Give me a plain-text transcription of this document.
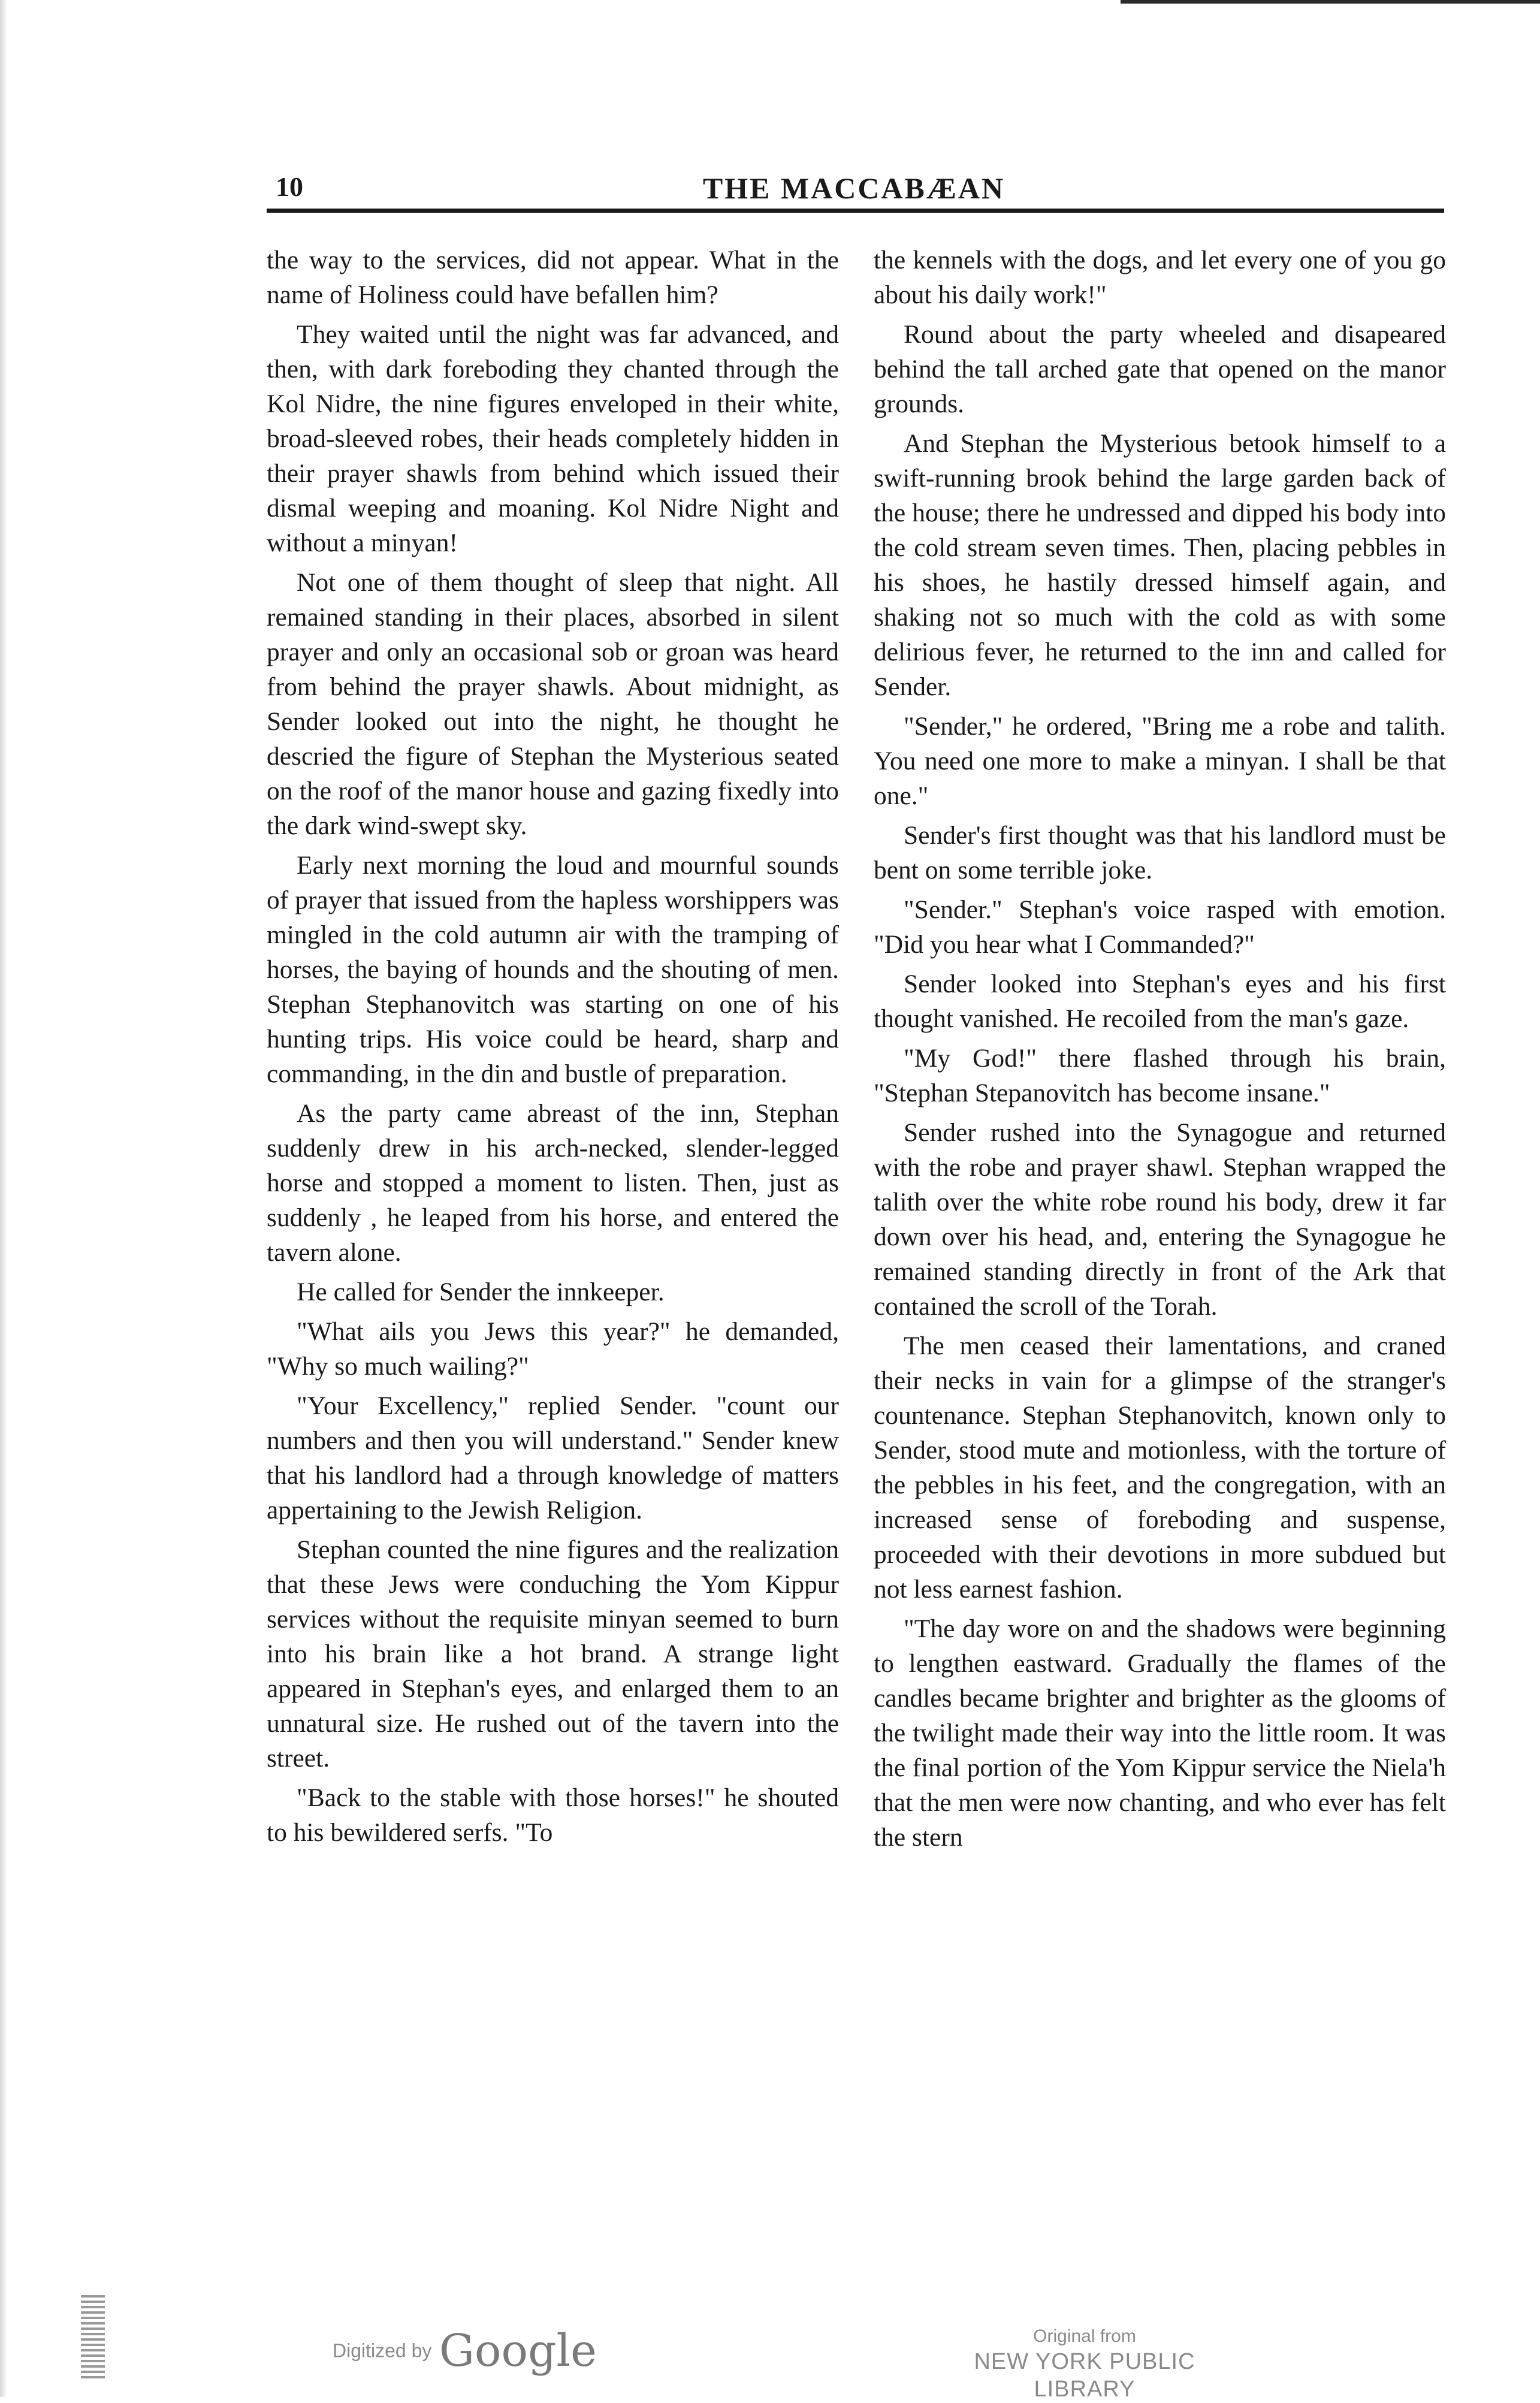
10	THE MACCABÆAN

the way to the services, did not appear. What in the name of Holiness could have befallen him?

They waited until the night was far advanced, and then, with dark foreboding they chanted through the Kol Nidre, the nine figures enveloped in their white, broad-sleeved robes, their heads completely hidden in their prayer shawls from behind which issued their dismal weeping and moaning. Kol Nidre Night and without a minyan!

Not one of them thought of sleep that night. All remained standing in their places, absorbed in silent prayer and only an occasional sob or groan was heard from behind the prayer shawls. About midnight, as Sender looked out into the night, he thought he descried the figure of Stephan the Mysterious seated on the roof of the manor house and gazing fixedly into the dark wind-swept sky.

Early next morning the loud and mournful sounds of prayer that issued from the hapless worshippers was mingled in the cold autumn air with the tramping of horses, the baying of hounds and the shouting of men. Stephan Stephanovitch was starting on one of his hunting trips. His voice could be heard, sharp and commanding, in the din and bustle of preparation.

As the party came abreast of the inn, Stephan suddenly drew in his arch-necked, slender-legged horse and stopped a moment to listen. Then, just as suddenly , he leaped from his horse, and entered the tavern alone.

He called for Sender the innkeeper.

"What ails you Jews this year?" he demanded, "Why so much wailing?"

"Your Excellency," replied Sender. "count our numbers and then you will understand." Sender knew that his landlord had a through knowledge of matters appertaining to the Jewish Religion.

Stephan counted the nine figures and the realization that these Jews were conduching the Yom Kippur services without the requisite minyan seemed to burn into his brain like a hot brand. A strange light appeared in Stephan's eyes, and enlarged them to an unnatural size. He rushed out of the tavern into the street.

"Back to the stable with those horses!" he shouted to his bewildered serfs. "To

the kennels with the dogs, and let every one of you go about his daily work!"

Round about the party wheeled and disapeared behind the tall arched gate that opened on the manor grounds.

And Stephan the Mysterious betook himself to a swift-running brook behind the large garden back of the house; there he undressed and dipped his body into the cold stream seven times. Then, placing pebbles in his shoes, he hastily dressed himself again, and shaking not so much with the cold as with some delirious fever, he returned to the inn and called for Sender.

"Sender," he ordered, "Bring me a robe and talith. You need one more to make a minyan. I shall be that one."

Sender's first thought was that his landlord must be bent on some terrible joke.

"Sender." Stephan's voice rasped with emotion. "Did you hear what I Commanded?"

Sender looked into Stephan's eyes and his first thought vanished. He recoiled from the man's gaze.

"My God!" there flashed through his brain, "Stephan Stepanovitch has become insane."

Sender rushed into the Synagogue and returned with the robe and prayer shawl. Stephan wrapped the talith over the white robe round his body, drew it far down over his head, and, entering the Synagogue he remained standing directly in front of the Ark that contained the scroll of the Torah.

The men ceased their lamentations, and craned their necks in vain for a glimpse of the stranger's countenance. Stephan Stephanovitch, known only to Sender, stood mute and motionless, with the torture of the pebbles in his feet, and the congregation, with an increased sense of foreboding and suspense, proceeded with their devotions in more subdued but not less earnest fashion.

"The day wore on and the shadows were beginning to lengthen eastward. Gradually the flames of the candles became brighter and brighter as the glooms of the twilight made their way into the little room. It was the final portion of the Yom Kippur service the Niela'h that the men were now chanting, and who ever has felt the stern

Digitized by Google	Original from
NEW YORK PUBLIC LIBRARY
